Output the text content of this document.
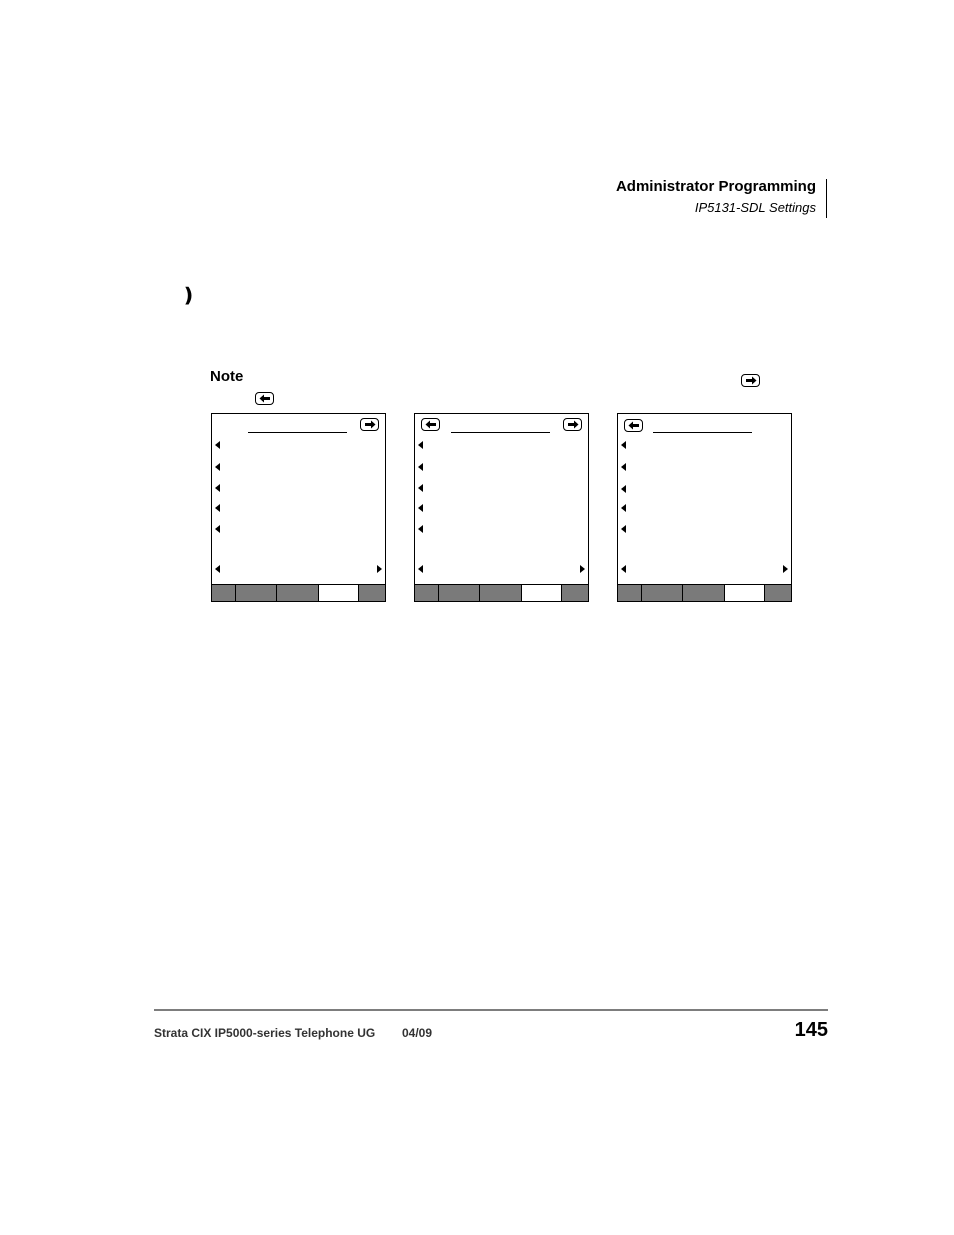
Administrator Programming
IP5131-SDL Settings
❫
Note
Strata CIX IP5000-series Telephone UG 04/09	145
